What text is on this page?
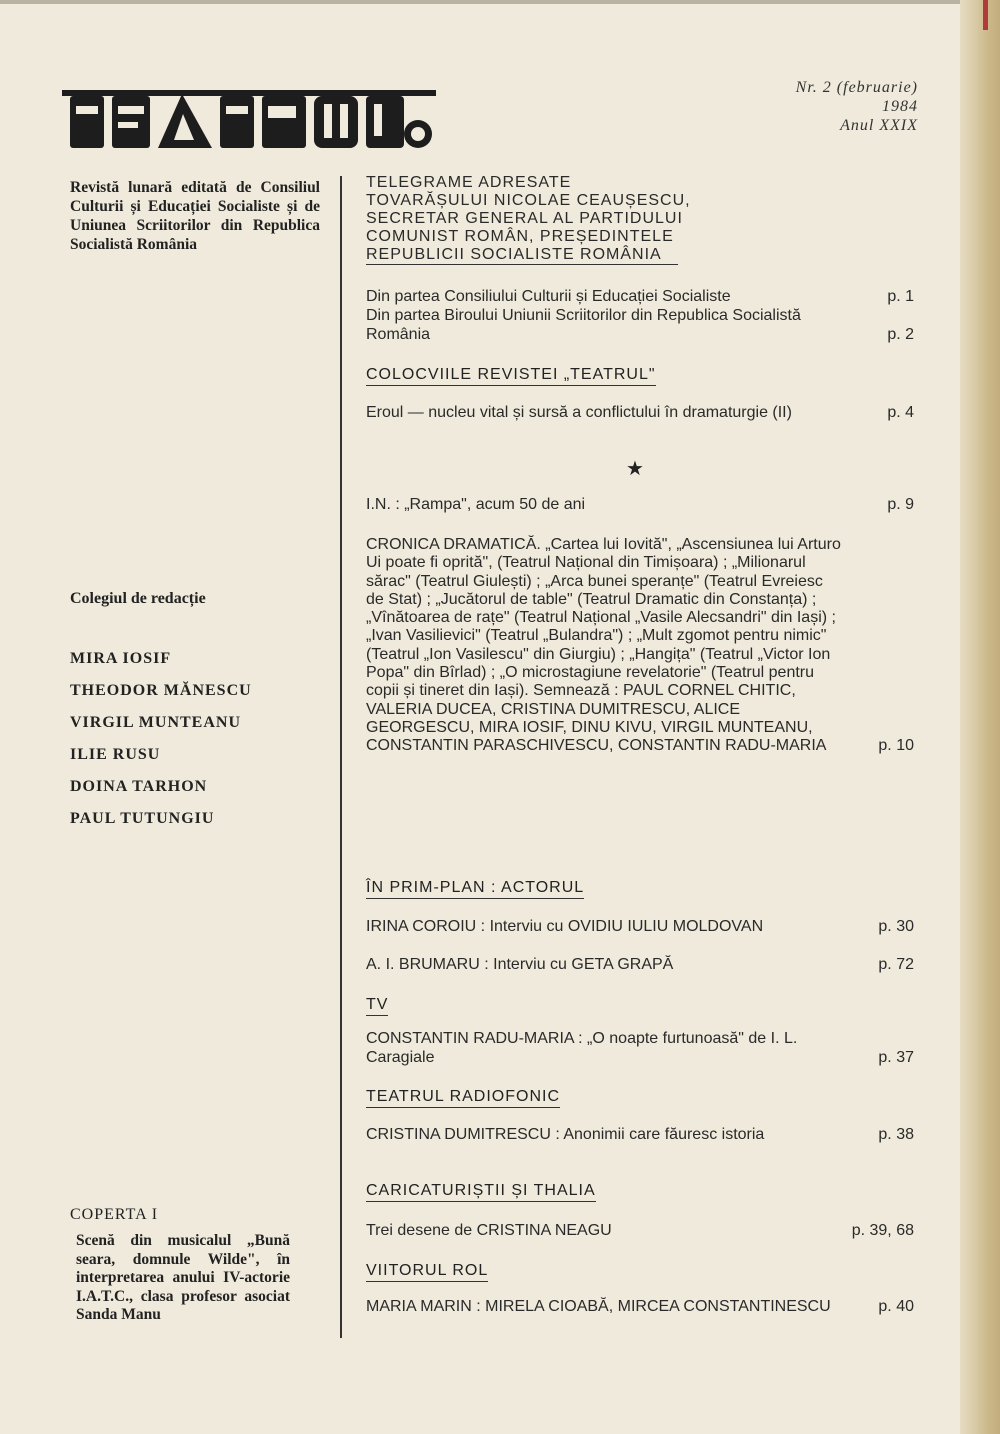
Nr. 2 (februarie) 1984
Anul XXIX
Revistă lunară editată de Consiliul Culturii și Educației Socialiste și de Uniunea Scriitorilor din Republica Socialistă România
Colegiul de redacție
MIRA IOSIF
THEODOR MĂNESCU
VIRGIL MUNTEANU
ILIE RUSU
DOINA TARHON
PAUL TUTUNGIU
COPERTA I
Scenă din musicalul „Bună seara, domnule Wilde", în interpretarea anului IV-actorie I.A.T.C., clasa profesor asociat Sanda Manu
TELEGRAME ADRESATE
TOVARĂȘULUI NICOLAE CEAUȘESCU,
SECRETAR GENERAL AL PARTIDULUI
COMUNIST ROMÂN, PREȘEDINTELE
REPUBLICII SOCIALISTE ROMÂNIA
Din partea Consiliului Culturii și Educației Socialiste	p. 1
Din partea Biroului Uniunii Scriitorilor din Republica Socialistă România	p. 2
COLOCVIILE REVISTEI „TEATRUL"
Eroul — nucleu vital și sursă a conflictului în dramaturgie (II)	p. 4
★
I.N. : „Rampa", acum 50 de ani	p. 9
CRONICA DRAMATICĂ. „Cartea lui Iovită", „Ascensiunea lui Arturo Ui poate fi oprită", (Teatrul Național din Timișoara) ; „Milionarul sărac" (Teatrul Giulești) ; „Arca bunei speranțe" (Teatrul Evreiesc de Stat) ; „Jucătorul de table" (Teatrul Dramatic din Constanța) ; „Vînătoarea de rațe" (Teatrul Național „Vasile Alecsandri" din Iași) ; „Ivan Vasilievici" (Teatrul „Bulandra") ; „Mult zgomot pentru nimic" (Teatrul „Ion Vasilescu" din Giurgiu) ; „Hangița" (Teatrul „Victor Ion Popa" din Bîrlad) ; „O microstagiune revelatorie" (Teatrul pentru copii și tineret din Iași). Semnează : PAUL CORNEL CHITIC, VALERIA DUCEA, CRISTINA DUMITRESCU, ALICE GEORGESCU, MIRA IOSIF, DINU KIVU, VIRGIL MUNTEANU, CONSTANTIN PARASCHIVESCU, CONSTANTIN RADU-MARIA	p. 10
ÎN PRIM-PLAN : ACTORUL
IRINA COROIU : Interviu cu OVIDIU IULIU MOLDOVAN	p. 30
A. I. BRUMARU : Interviu cu GETA GRAPĂ	p. 72
TV
CONSTANTIN RADU-MARIA : „O noapte furtunoasă" de I. L. Caragiale	p. 37
TEATRUL RADIOFONIC
CRISTINA DUMITRESCU : Anonimii care făuresc istoria	p. 38
CARICATURIȘTII ȘI THALIA
Trei desene de CRISTINA NEAGU	p. 39, 68
VIITORUL ROL
MARIA MARIN : MIRELA CIOABĂ, MIRCEA CONSTANTINESCU	p. 40
